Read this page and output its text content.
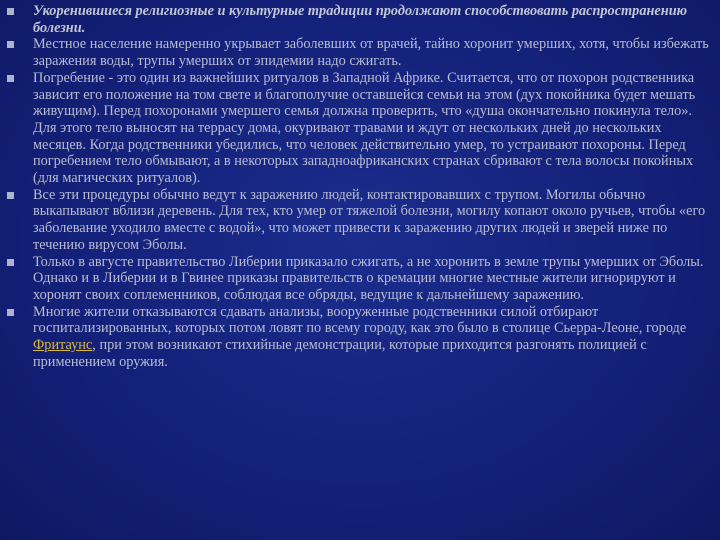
Укоренившиеся религиозные и культурные традиции продолжают способствовать распространению болезни.
Местное население намеренно укрывает заболевших от врачей, тайно хоронит умерших, хотя, чтобы избежать заражения воды, трупы умерших от эпидемии надо сжигать.
Погребение - это один из важнейших ритуалов в Западной Африке. Считается, что от похорон родственника зависит его положение на том свете и благополучие оставшейся семьи на этом (дух покойника будет мешать живущим). Перед похоронами умершего семья должна проверить, что «душа окончательно покинула тело». Для этого тело выносят на террасу дома, окуривают травами и ждут от нескольких дней до нескольких месяцев. Когда родственники убедились, что человек действительно умер, то устраивают похороны. Перед погребением тело обмывают, а в некоторых западноафриканских странах сбривают с тела волосы покойных (для магических ритуалов).
Все эти процедуры обычно ведут к заражению людей, контактировавших с трупом. Могилы обычно выкапывают вблизи деревень. Для тех, кто умер от тяжелой болезни, могилу копают около ручьев, чтобы «его заболевание уходило вместе с водой», что может привести к заражению других людей и зверей ниже по течению вирусом Эболы.
Только в августе правительство Либерии приказало сжигать, а не хоронить в земле трупы умерших от Эболы. Однако и в Либерии и в Гвинее приказы правительств о кремации многие местные жители игнорируют и хоронят своих соплеменников, соблюдая все обряды, ведущие к дальнейшему заражению.
Многие жители отказываются сдавать анализы, вооруженные родственники силой отбирают госпитализированных, которых потом ловят по всему городу, как это было в столице Сьерра-Леоне, городе Фритаунс, при этом возникают стихийные демонстрации, которые приходится разгонять полицией с применением оружия.
